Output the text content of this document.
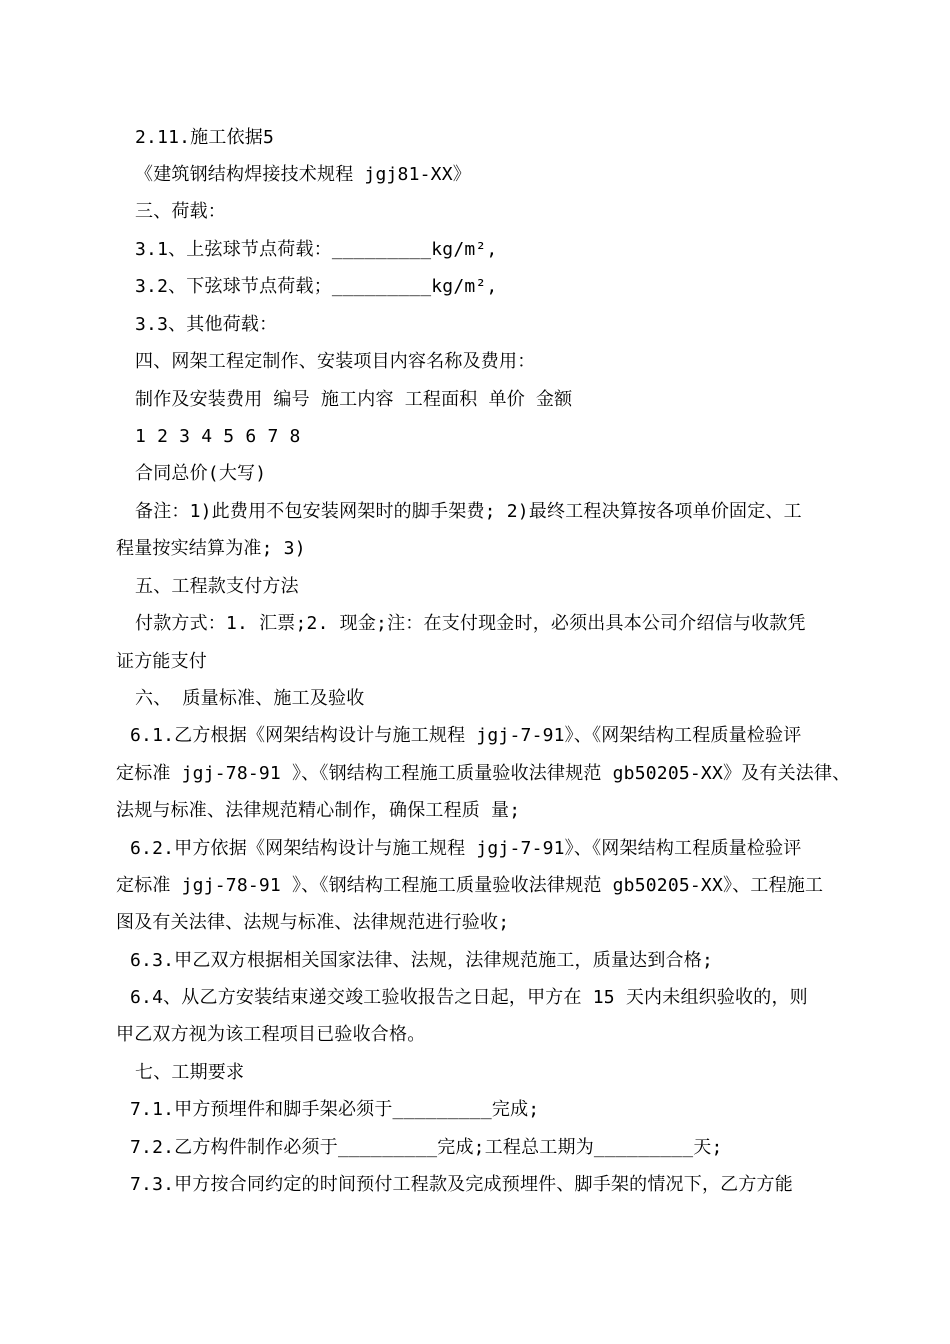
2.11.施工依据5
《建筑钢结构焊接技术规程 jgj81-XX》
三、荷载：
3.1、上弦球节点荷载：_________kg/m²,
3.2、下弦球节点荷载；_________kg/m²,
3.3、其他荷载：
四、网架工程定制作、安装项目内容名称及费用：
制作及安装费用 编号 施工内容 工程面积 单价 金额
1 2 3 4 5 6 7 8
合同总价(大写)
备注：1)此费用不包安装网架时的脚手架费; 2)最终工程决算按各项单价固定、工
程量按实结算为准; 3)
五、工程款支付方法
付款方式：1. 汇票;2. 现金;注：在支付现金时，必须出具本公司介绍信与收款凭
证方能支付
六、 质量标准、施工及验收
6.1.乙方根据《网架结构设计与施工规程 jgj-7-91》、《网架结构工程质量检验评
定标准 jgj-78-91 》、《钢结构工程施工质量验收法律规范 gb50205-XX》及有关法律、
法规与标准、法律规范精心制作，确保工程质 量;
6.2.甲方依据《网架结构设计与施工规程 jgj-7-91》、《网架结构工程质量检验评
定标准 jgj-78-91 》、《钢结构工程施工质量验收法律规范 gb50205-XX》、工程施工
图及有关法律、法规与标准、法律规范进行验收;
6.3.甲乙双方根据相关国家法律、法规，法律规范施工，质量达到合格;
6.4、从乙方安装结束递交竣工验收报告之日起，甲方在 15 天内未组织验收的，则
甲乙双方视为该工程项目已验收合格。
七、工期要求
7.1.甲方预埋件和脚手架必须于_________完成;
7.2.乙方构件制作必须于_________完成;工程总工期为_________天;
7.3.甲方按合同约定的时间预付工程款及完成预埋件、脚手架的情况下，乙方方能
